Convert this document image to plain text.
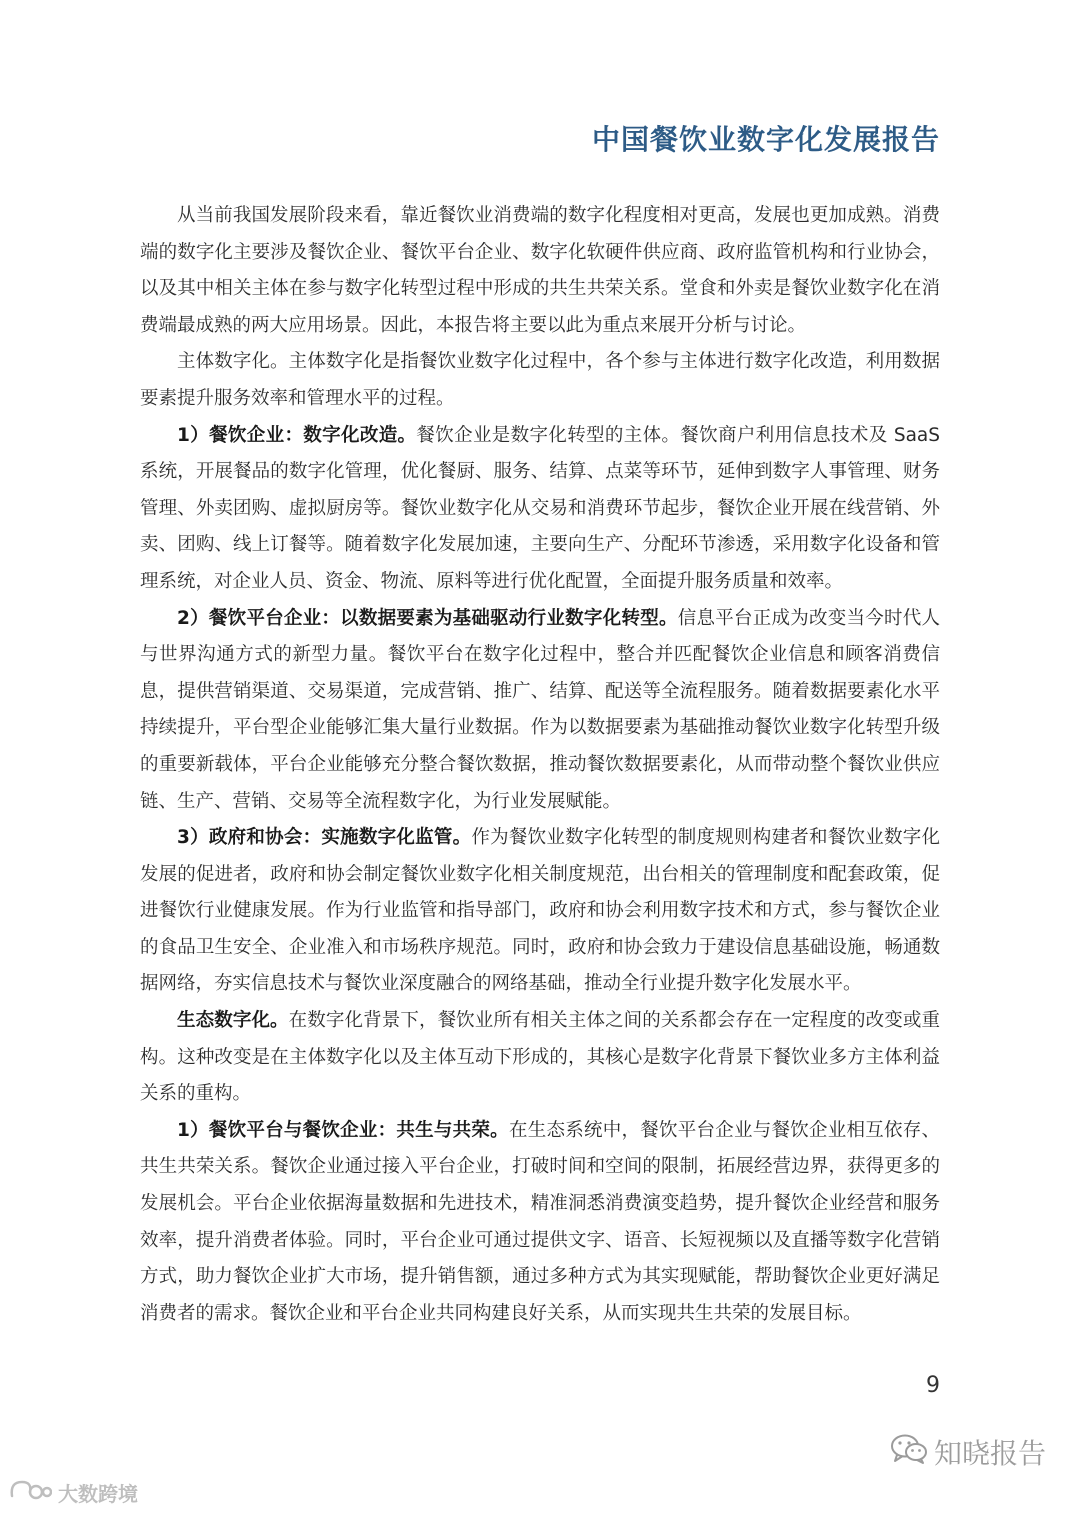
中国餐饮业数字化发展报告

从当前我国发展阶段来看，靠近餐饮业消费端的数字化程度相对更高，发展也更加成熟。消费端的数字化主要涉及餐饮企业、餐饮平台企业、数字化软硬件供应商、政府监管机构和行业协会，以及其中相关主体在参与数字化转型过程中形成的共生共荣关系。堂食和外卖是餐饮业数字化在消费端最成熟的两大应用场景。因此，本报告将主要以此为重点来展开分析与讨论。

主体数字化。主体数字化是指餐饮业数字化过程中，各个参与主体进行数字化改造，利用数据要素提升服务效率和管理水平的过程。

1）餐饮企业：数字化改造。餐饮企业是数字化转型的主体。餐饮商户利用信息技术及 SaaS 系统，开展餐品的数字化管理，优化餐厨、服务、结算、点菜等环节，延伸到数字人事管理、财务管理、外卖团购、虚拟厨房等。餐饮业数字化从交易和消费环节起步，餐饮企业开展在线营销、外卖、团购、线上订餐等。随着数字化发展加速，主要向生产、分配环节渗透，采用数字化设备和管理系统，对企业人员、资金、物流、原料等进行优化配置，全面提升服务质量和效率。

2）餐饮平台企业：以数据要素为基础驱动行业数字化转型。信息平台正成为改变当今时代人与世界沟通方式的新型力量。餐饮平台在数字化过程中，整合并匹配餐饮企业信息和顾客消费信息，提供营销渠道、交易渠道，完成营销、推广、结算、配送等全流程服务。随着数据要素化水平持续提升，平台型企业能够汇集大量行业数据。作为以数据要素为基础推动餐饮业数字化转型升级的重要新载体，平台企业能够充分整合餐饮数据，推动餐饮数据要素化，从而带动整个餐饮业供应链、生产、营销、交易等全流程数字化，为行业发展赋能。

3）政府和协会：实施数字化监管。作为餐饮业数字化转型的制度规则构建者和餐饮业数字化发展的促进者，政府和协会制定餐饮业数字化相关制度规范，出台相关的管理制度和配套政策，促进餐饮行业健康发展。作为行业监管和指导部门，政府和协会利用数字技术和方式，参与餐饮企业的食品卫生安全、企业准入和市场秩序规范。同时，政府和协会致力于建设信息基础设施，畅通数据网络，夯实信息技术与餐饮业深度融合的网络基础，推动全行业提升数字化发展水平。

生态数字化。在数字化背景下，餐饮业所有相关主体之间的关系都会存在一定程度的改变或重构。这种改变是在主体数字化以及主体互动下形成的，其核心是数字化背景下餐饮业多方主体利益关系的重构。

1）餐饮平台与餐饮企业：共生与共荣。在生态系统中，餐饮平台企业与餐饮企业相互依存、共生共荣关系。餐饮企业通过接入平台企业，打破时间和空间的限制，拓展经营边界，获得更多的发展机会。平台企业依据海量数据和先进技术，精准洞悉消费演变趋势，提升餐饮企业经营和服务效率，提升消费者体验。同时，平台企业可通过提供文字、语音、长短视频以及直播等数字化营销方式，助力餐饮企业扩大市场，提升销售额，通过多种方式为其实现赋能，帮助餐饮企业更好满足消费者的需求。餐饮企业和平台企业共同构建良好关系，从而实现共生共荣的发展目标。

9
知晓报告
大数跨境
